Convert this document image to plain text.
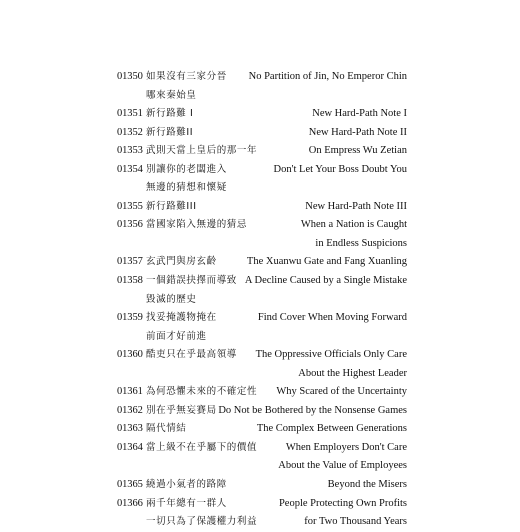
01350 如果沒有三家分晉 No Partition of Jin, No Emperor Chin
哪來秦始皇
01351 新行路難 I	New Hard-Path Note I
01352 新行路難II	New Hard-Path Note II
01353 武則天當上皇后的那一年	On Empress Wu Zetian
01354 別讓你的老闆進入	Don't Let Your Boss Doubt You
無邊的猜想和懷疑
01355 新行路難III	New Hard-Path Note III
01356 當國家陷入無邊的猜忌	When a Nation is Caught
in Endless Suspicions
01357 玄武門與房玄齡	The Xuanwu Gate and Fang Xuanling
01358 一個錯誤抉擇而導致 A Decline Caused by a Single Mistake
毀滅的歷史
01359 找妥掩護物掩在	Find Cover When Moving Forward
前面才好前進
01360 酷吏只在乎最高領導 The Oppressive Officials Only Care
About the Highest Leader
01361 為何恐懼未來的不確定性 Why Scared of the Uncertainty
01362 別在乎無妄賽局 Do Not be Bothered by the Nonsense Games
01363 隔代情結	The Complex Between Generations
01364 當上級不在乎屬下的價值	When Employers Don't Care
About the Value of Employees
01365 繞過小氣者的路障	Beyond the Misers
01366 兩千年總有一群人	People Protecting Own Profits
一切只為了保護權力利益	for Two Thousand Years
